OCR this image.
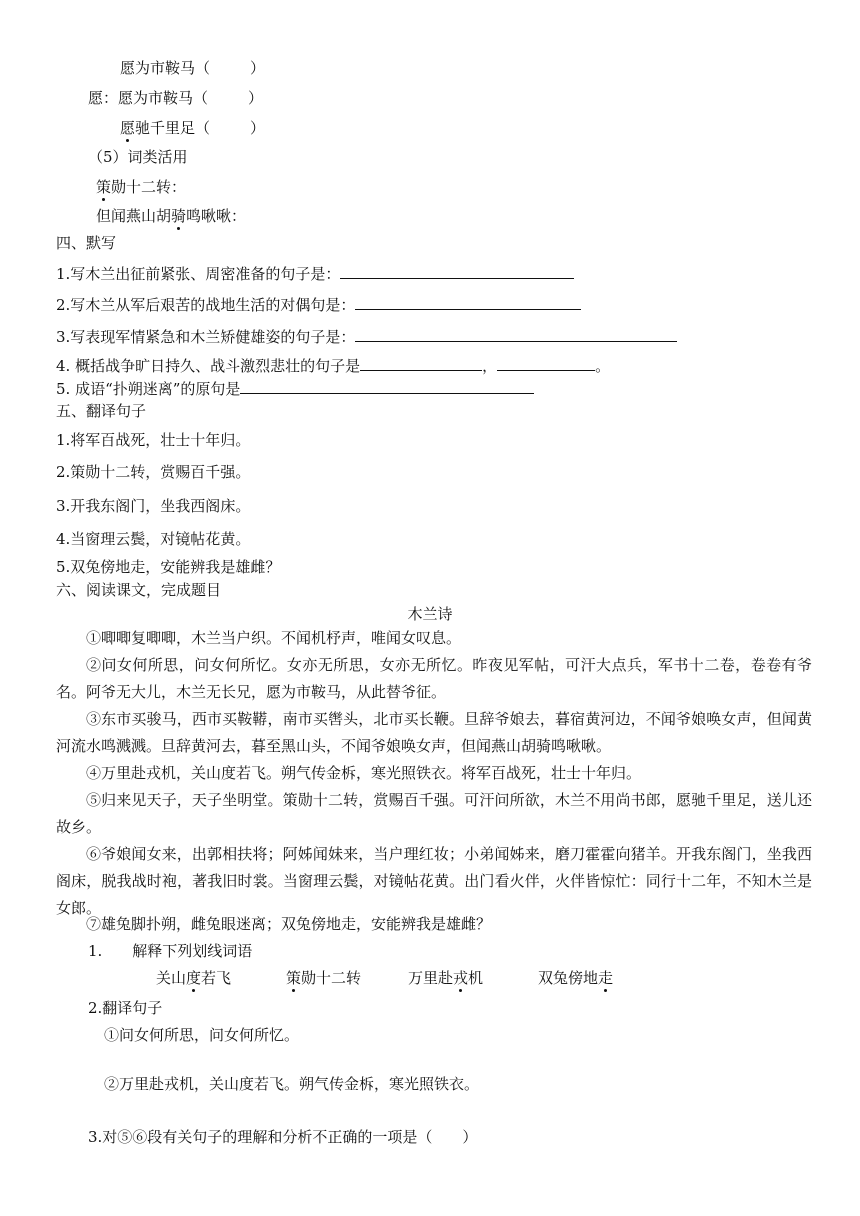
愿为市鞍马（	）
愿：愿为市鞍马（	）
愿驰千里足（	）
（5）词类活用
策勋十二转：
但闻燕山胡骑鸣啾啾：
四、默写
1.写木兰出征前紧张、周密准备的句子是：
2.写木兰从军后艰苦的战地生活的对偶句是：
3.写表现军情紧急和木兰矫健雄姿的句子是：
4. 概括战争旷日持久、战斗激烈悲壮的句子是	，	。
5. 成语“扑朔迷离”的原句是
五、翻译句子
1.将军百战死，壮士十年归。
2.策勋十二转，赏赐百千强。
3.开我东阁门，坐我西阁床。
4.当窗理云鬓，对镜帖花黄。
5.双兔傍地走，安能辨我是雄雌？
六、阅读课文，完成题目
木兰诗
①唧唧复唧唧，木兰当户织。不闻机杼声，唯闻女叹息。
②问女何所思，问女何所忆。女亦无所思，女亦无所忆。昨夜见军帖，可汗大点兵，军书十二卷，卷卷有爷名。阿爷无大儿，木兰无长兄，愿为市鞍马，从此替爷征。
③东市买骏马，西市买鞍鞯，南市买辔头，北市买长鞭。旦辞爷娘去，暮宿黄河边，不闻爷娘唤女声，但闻黄河流水鸣溅溅。旦辞黄河去，暮至黑山头，不闻爷娘唤女声，但闻燕山胡骑鸣啾啾。
④万里赴戎机，关山度若飞。朔气传金柝，寒光照铁衣。将军百战死，壮士十年归。
⑤归来见天子，天子坐明堂。策勋十二转，赏赐百千强。可汗问所欲，木兰不用尚书郎，愿驰千里足，送儿还故乡。
⑥爷娘闻女来，出郭相扶将；阿姊闻妹来，当户理红妆；小弟闻姊来，磨刀霍霍向猪羊。开我东阁门，坐我西阁床，脱我战时袍，著我旧时裳。当窗理云鬓，对镜帖花黄。出门看火伴，火伴皆惊忙：同行十二年，不知木兰是女郎。
⑦雄兔脚扑朔，雌兔眼迷离；双兔傍地走，安能辨我是雄雌？
1.　　解释下列划线词语
关山度若飞	策勋十二转	万里赴戎机	双兔傍地走
2.翻译句子
①问女何所思，问女何所忆。
②万里赴戎机，关山度若飞。朔气传金柝，寒光照铁衣。
3.对⑤⑥段有关句子的理解和分析不正确的一项是（　　）
